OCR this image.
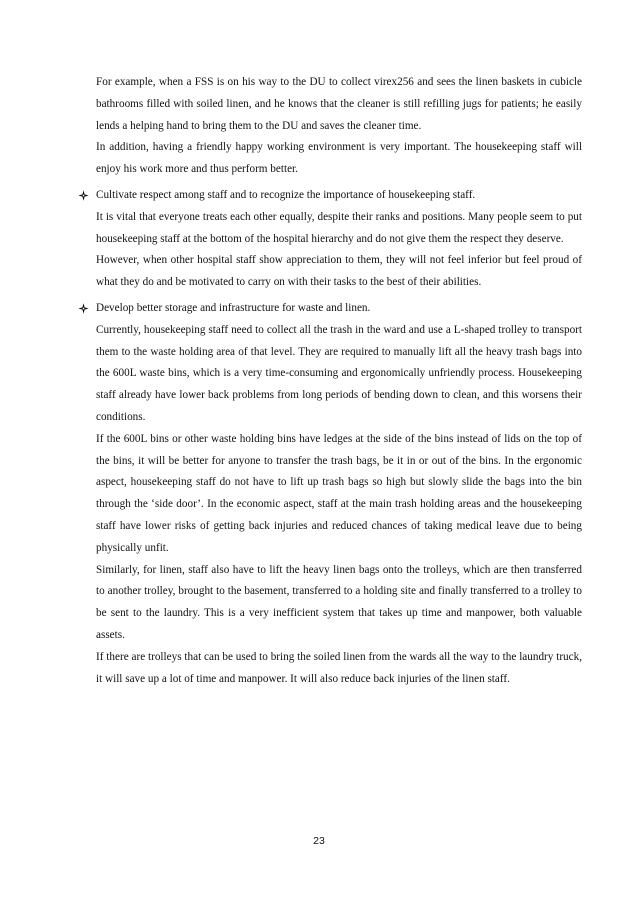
For example, when a FSS is on his way to the DU to collect virex256 and sees the linen baskets in cubicle bathrooms filled with soiled linen, and he knows that the cleaner is still refilling jugs for patients; he easily lends a helping hand to bring them to the DU and saves the cleaner time.

In addition, having a friendly happy working environment is very important. The housekeeping staff will enjoy his work more and thus perform better.

Cultivate respect among staff and to recognize the importance of housekeeping staff.

It is vital that everyone treats each other equally, despite their ranks and positions. Many people seem to put housekeeping staff at the bottom of the hospital hierarchy and do not give them the respect they deserve.

However, when other hospital staff show appreciation to them, they will not feel inferior but feel proud of what they do and be motivated to carry on with their tasks to the best of their abilities.

Develop better storage and infrastructure for waste and linen.

Currently, housekeeping staff need to collect all the trash in the ward and use a L-shaped trolley to transport them to the waste holding area of that level. They are required to manually lift all the heavy trash bags into the 600L waste bins, which is a very time-consuming and ergonomically unfriendly process. Housekeeping staff already have lower back problems from long periods of bending down to clean, and this worsens their conditions.

If the 600L bins or other waste holding bins have ledges at the side of the bins instead of lids on the top of the bins, it will be better for anyone to transfer the trash bags, be it in or out of the bins. In the ergonomic aspect, housekeeping staff do not have to lift up trash bags so high but slowly slide the bags into the bin through the ‘side door’. In the economic aspect, staff at the main trash holding areas and the housekeeping staff have lower risks of getting back injuries and reduced chances of taking medical leave due to being physically unfit.

Similarly, for linen, staff also have to lift the heavy linen bags onto the trolleys, which are then transferred to another trolley, brought to the basement, transferred to a holding site and finally transferred to a trolley to be sent to the laundry. This is a very inefficient system that takes up time and manpower, both valuable assets.

If there are trolleys that can be used to bring the soiled linen from the wards all the way to the laundry truck, it will save up a lot of time and manpower. It will also reduce back injuries of the linen staff.

23
